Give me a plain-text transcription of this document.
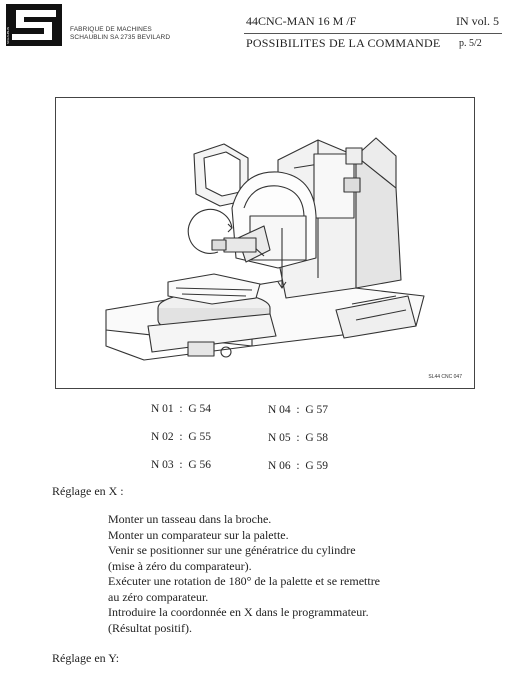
SCHAUBLIN	FABRIQUE DE MACHINES
SCHAUBLIN SA 2735 BEVILARD
44CNC-MAN 16 M /F	IN vol. 5
POSSIBILITES DE LA COMMANDE p. 5/2
SL44 CNC 047
N 01  :  G 54	N 04  :  G 57
N 02  :  G 55	N 05  :  G 58
N 03  :  G 56	N 06  :  G 59
Réglage en X :
Monter un tasseau dans la broche.
Monter un comparateur sur la palette.
Venir se positionner sur une génératrice du cylindre
(mise à zéro du comparateur).
Exécuter une rotation de 180° de la palette et se remettre
au zéro comparateur.
Introduire la coordonnée en X dans le programmateur.
(Résultat positif).
Réglage en Y:
